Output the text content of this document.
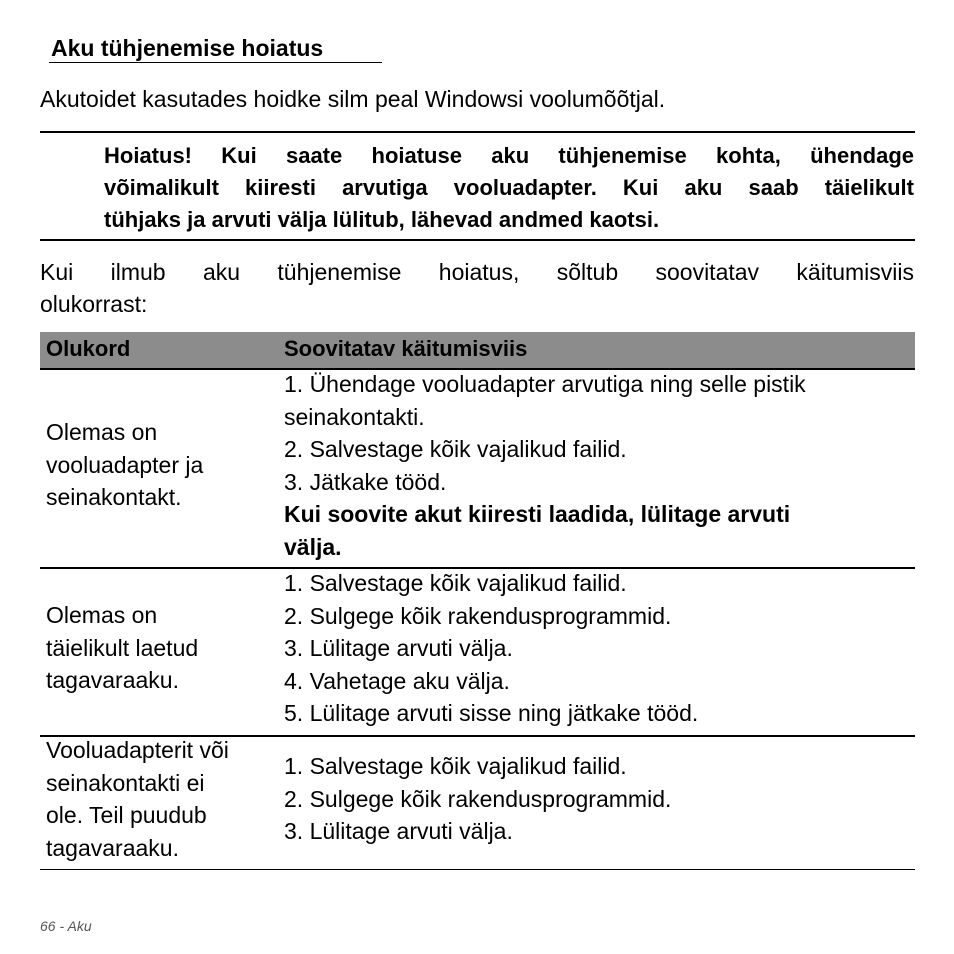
Aku tühjenemise hoiatus
Akutoidet kasutades hoidke silm peal Windowsi voolumõõtjal.
Hoiatus! Kui saate hoiatuse aku tühjenemise kohta, ühendage
võimalikult kiiresti arvutiga vooluadapter. Kui aku saab täielikult
tühjaks ja arvuti välja lülitub, lähevad andmed kaotsi.
Kui ilmub aku tühjenemise hoiatus, sõltub soovitatav käitumisviis
olukorrast:
Olukord	Soovitatav käitumisviis
Olemas on
vooluadapter ja
seinakontakt.
1. Ühendage vooluadapter arvutiga ning selle pistik
seinakontakti.
2. Salvestage kõik vajalikud failid.
3. Jätkake tööd.
Kui soovite akut kiiresti laadida, lülitage arvuti
välja.
Olemas on
täielikult laetud
tagavaraaku.
1. Salvestage kõik vajalikud failid.
2. Sulgege kõik rakendusprogrammid.
3. Lülitage arvuti välja.
4. Vahetage aku välja.
5. Lülitage arvuti sisse ning jätkake tööd.
Vooluadapterit või
seinakontakti ei
ole. Teil puudub
tagavaraaku.
1. Salvestage kõik vajalikud failid.
2. Sulgege kõik rakendusprogrammid.
3. Lülitage arvuti välja.
66 - Aku
